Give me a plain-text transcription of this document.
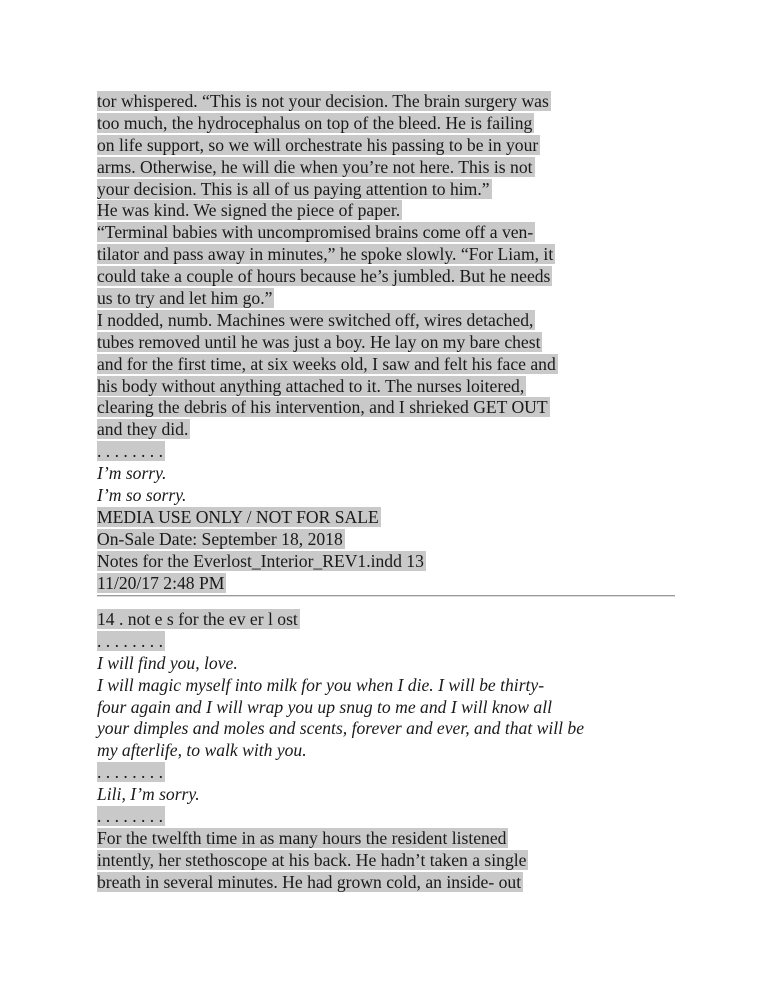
tor whispered. “This is not your decision. The brain surgery was
too much, the hydrocephalus on top of the bleed. He is failing
on life support, so we will orchestrate his passing to be in your
arms. Otherwise, he will die when you’re not here. This is not
your decision. This is all of us paying attention to him.”
He was kind. We signed the piece of paper.
“Terminal babies with uncompromised brains come off a ven-
tilator and pass away in minutes,” he spoke slowly. “For Liam, it
could take a couple of hours because he’s jumbled. But he needs
us to try and let him go.”
I nodded, numb. Machines were switched off, wires detached,
tubes removed until he was just a boy. He lay on my bare chest
and for the first time, at six weeks old, I saw and felt his face and
his body without anything attached to it. The nurses loitered,
clearing the debris of his intervention, and I shrieked GET OUT
and they did.
. . . . . . . .
I’m sorry.
I’m so sorry.
MEDIA USE ONLY / NOT FOR SALE
On-Sale Date: September 18, 2018
Notes for the Everlost_Interior_REV1.indd 13
11/20/17 2:48 PM
14 . not e s for the ev er l ost
. . . . . . . .
I will find you, love.
I will magic myself into milk for you when I die. I will be thirty-
four again and I will wrap you up snug to me and I will know all
your dimples and moles and scents, forever and ever, and that will be
my afterlife, to walk with you.
. . . . . . . .
Lili, I’m sorry.
. . . . . . . .
For the twelfth time in as many hours the resident listened
intently, her stethoscope at his back. He hadn’t taken a single
breath in several minutes. He had grown cold, an inside- out
